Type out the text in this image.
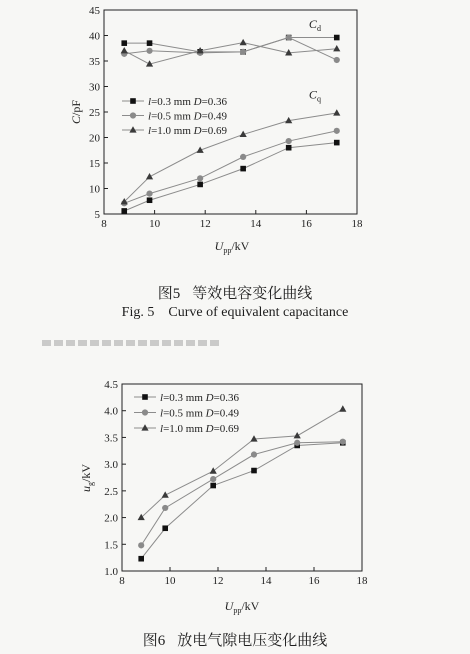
8	10	12	14	16	18
5
10
15
20
25
30
35
40
45
$C_d$
$C_q$
l=0.3 mm D=0.36
l=0.5 mm D=0.49
l=1.0 mm D=0.69
C/pF
$U_{pp}/kV$
图5 等效电容变化曲线
Fig. 5 Curve of equivalent capacitance
8	10	12	14	16	18
1.0
1.5
2.0
2.5
3.0
3.5
4.0
4.5
l=0.3 mm D=0.36
l=0.5 mm D=0.49
l=1.0 mm D=0.69
$u_g/kV$
$U_{pp}/kV$
图6 放电气隙电压变化曲线
